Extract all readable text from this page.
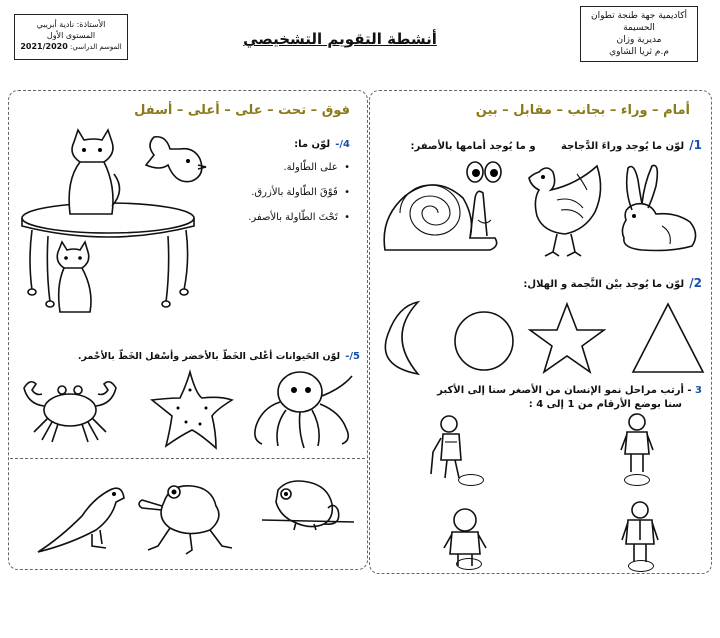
أكاديمية جهة طنجة تطوان
الحسيمة
مديرية وزان
م.م ثريا الشاوي
الأستاذة: نادية أبريبي
المستوى الأول
الموسم الدراسي: 2021/2020	أنشطة التقويم التشخيصي
أمام – وراء – بجانب – مقابل – بين
1/ لوّن ما يُوجد وراءَ الدَّجاجة     و ما يُوجد أمامها بالأصفر:
2/ لوّن ما يُوجد بيْن النَّجمة و الهلال:
3 - أرتب مراحل نمو الإنسان من الأصغر سنا إلى الأكبر
سنا بوضع الأرقام من 1 إلى 4 :
فوق – تحت – على – أعلى – أسفل
4/- لوّن ما:
•  على الطّاولة.
•  فَوْقَ الطّاولة بالأزرق.
•  تَحْتَ الطّاولة بالأصفر.
5/- لوّن الحَيوانات أعْلى الخَطّ بالأخضر وأسْفل الخَطّ بالأحْمر.
